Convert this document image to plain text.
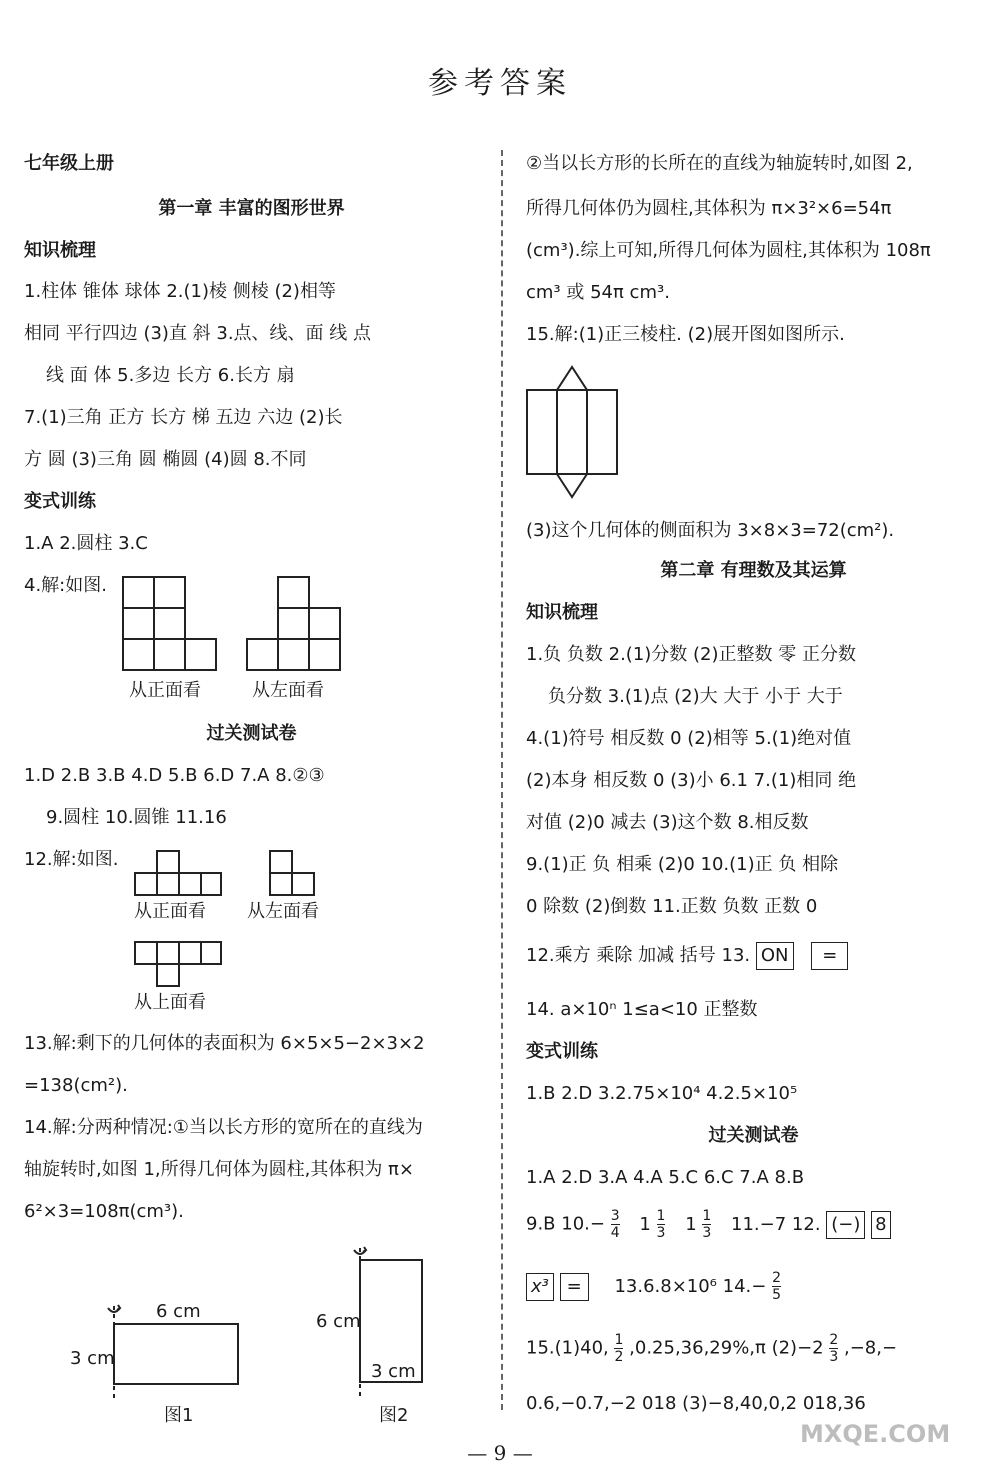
参考答案
七年级上册
第一章 丰富的图形世界
知识梳理
1.柱体 锥体 球体 2.(1)棱 侧棱 (2)相等
相同 平行四边 (3)直 斜 3.点、线、面 线 点
线 面 体 5.多边 长方 6.长方 扇
7.(1)三角 正方 长方 梯 五边 六边 (2)长
方 圆 (3)三角 圆 椭圆 (4)圆 8.不同
变式训练
1.A 2.圆柱 3.C
4.解:如图.
从正面看	从左面看
过关测试卷
1.D 2.B 3.B 4.D 5.B 6.D 7.A 8.②③
9.圆柱 10.圆锥 11.16
12.解:如图.
从正面看 从左面看
从上面看
13.解:剩下的几何体的表面积为 6×5×5−2×3×2
=138(cm²).
14.解:分两种情况:①当以长方形的宽所在的直线为
轴旋转时,如图 1,所得几何体为圆柱,其体积为 π×
6²×3=108π(cm³).
6 cm
3 cm
图1
6 cm
3 cm
图2
②当以长方形的长所在的直线为轴旋转时,如图 2,
所得几何体仍为圆柱,其体积为 π×3²×6=54π
(cm³).综上可知,所得几何体为圆柱,其体积为 108π
cm³ 或 54π cm³.
15.解:(1)正三棱柱. (2)展开图如图所示.
(3)这个几何体的侧面积为 3×8×3=72(cm²).
第二章 有理数及其运算
知识梳理
1.负 负数 2.(1)分数 (2)正整数 零 正分数
负分数 3.(1)点 (2)大 大于 小于 大于
4.(1)符号 相反数 0 (2)相等 5.(1)绝对值
(2)本身 相反数 0 (3)小 6.1 7.(1)相同 绝
对值 (2)0 减去 (3)这个数 8.相反数
9.(1)正 负 相乘 (2)0 10.(1)正 负 相除
0 除数 (2)倒数 11.正数 负数 正数 0
12.乘方 乘除 加减 括号 13. ON =
14. a×10ⁿ 1≤a<10 正整数
变式训练
1.B 2.D 3.2.75×10⁴ 4.2.5×10⁵
过关测试卷
1.A 2.D 3.A 4.A 5.C 6.C 7.A 8.B
9.B $10.- \frac{3}{4} 1 \frac{1}{3} 1 \frac{1}{3} 11.-7$ 12. (−) 8
x³ = 13.6.8×10⁶ $14.- \frac{2}{5}$
15.(1)40, $\frac{1}{2} ,0.25,36,29\%,\pi$ $(2)-2 \frac{2}{3} ,-8,-$
0.6,−0.7,−2 018 (3)−8,40,0,2 018,36
— 9 —
MXQE.COM
